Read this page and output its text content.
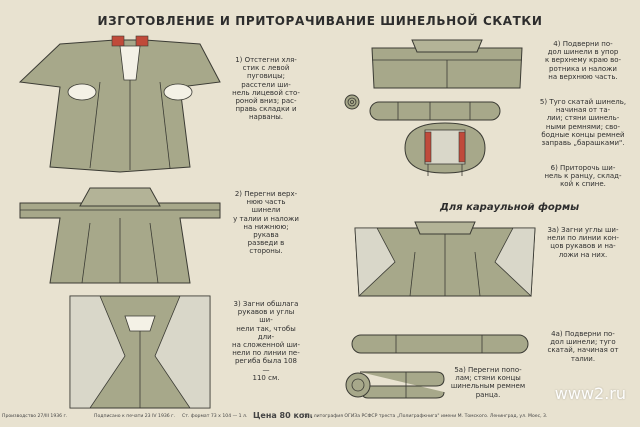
ИЗГОТОВЛЕНИЕ И ПРИТОРАЧИВАНИЕ ШИНЕЛЬНОЙ СКАТКИ
1) Отстегни хля-
стик с левой
пуговицы; расстели ши-
нель лицевой сто-
роной вниз; рас-
правь складки и
нарваны.
2) Перегни верх-
нюю часть шинели
у талии и наложи
на нижнюю; рукава
разведи в стороны.
3) Загни обшлага
рукавов и углы ши-
нели так, чтобы дли-
на сложенной ши-
нели по линии пе-
региба была 108—
110 см.
4) Подверни по-
дол шинели в упор
к верхнему краю во-
ротника и наложи
на верхнюю часть.
5) Туго скатай шинель,
начиная от та-
лии; стяни шинель-
ными ремнями; сво-
бодные концы ремней
заправь „барашками".
6) Приторочь ши-
нель к ранцу, склад-
кой к спине.
Для караульной формы
3а) Загни углы ши-
нели по линии кон-
цов рукавов и на-
ложи на них.
4а) Подверни по-
дол шинели; туго
скатай, начиная от
талии.
5а) Перегни попо-
лам; стяни концы
шинельным ремнем
ранца.	www2.ru
Производство 27/III 1936 г.	Подписано к печати 23 IV 1936 г. Ст. формат 73 х 104 — 1 л. Цена 80 коп.
24-я литография ОГИЗа РСФСР треста „Полиграфкнига" имени М. Томского. Ленинград, ул. Моес, 3.
